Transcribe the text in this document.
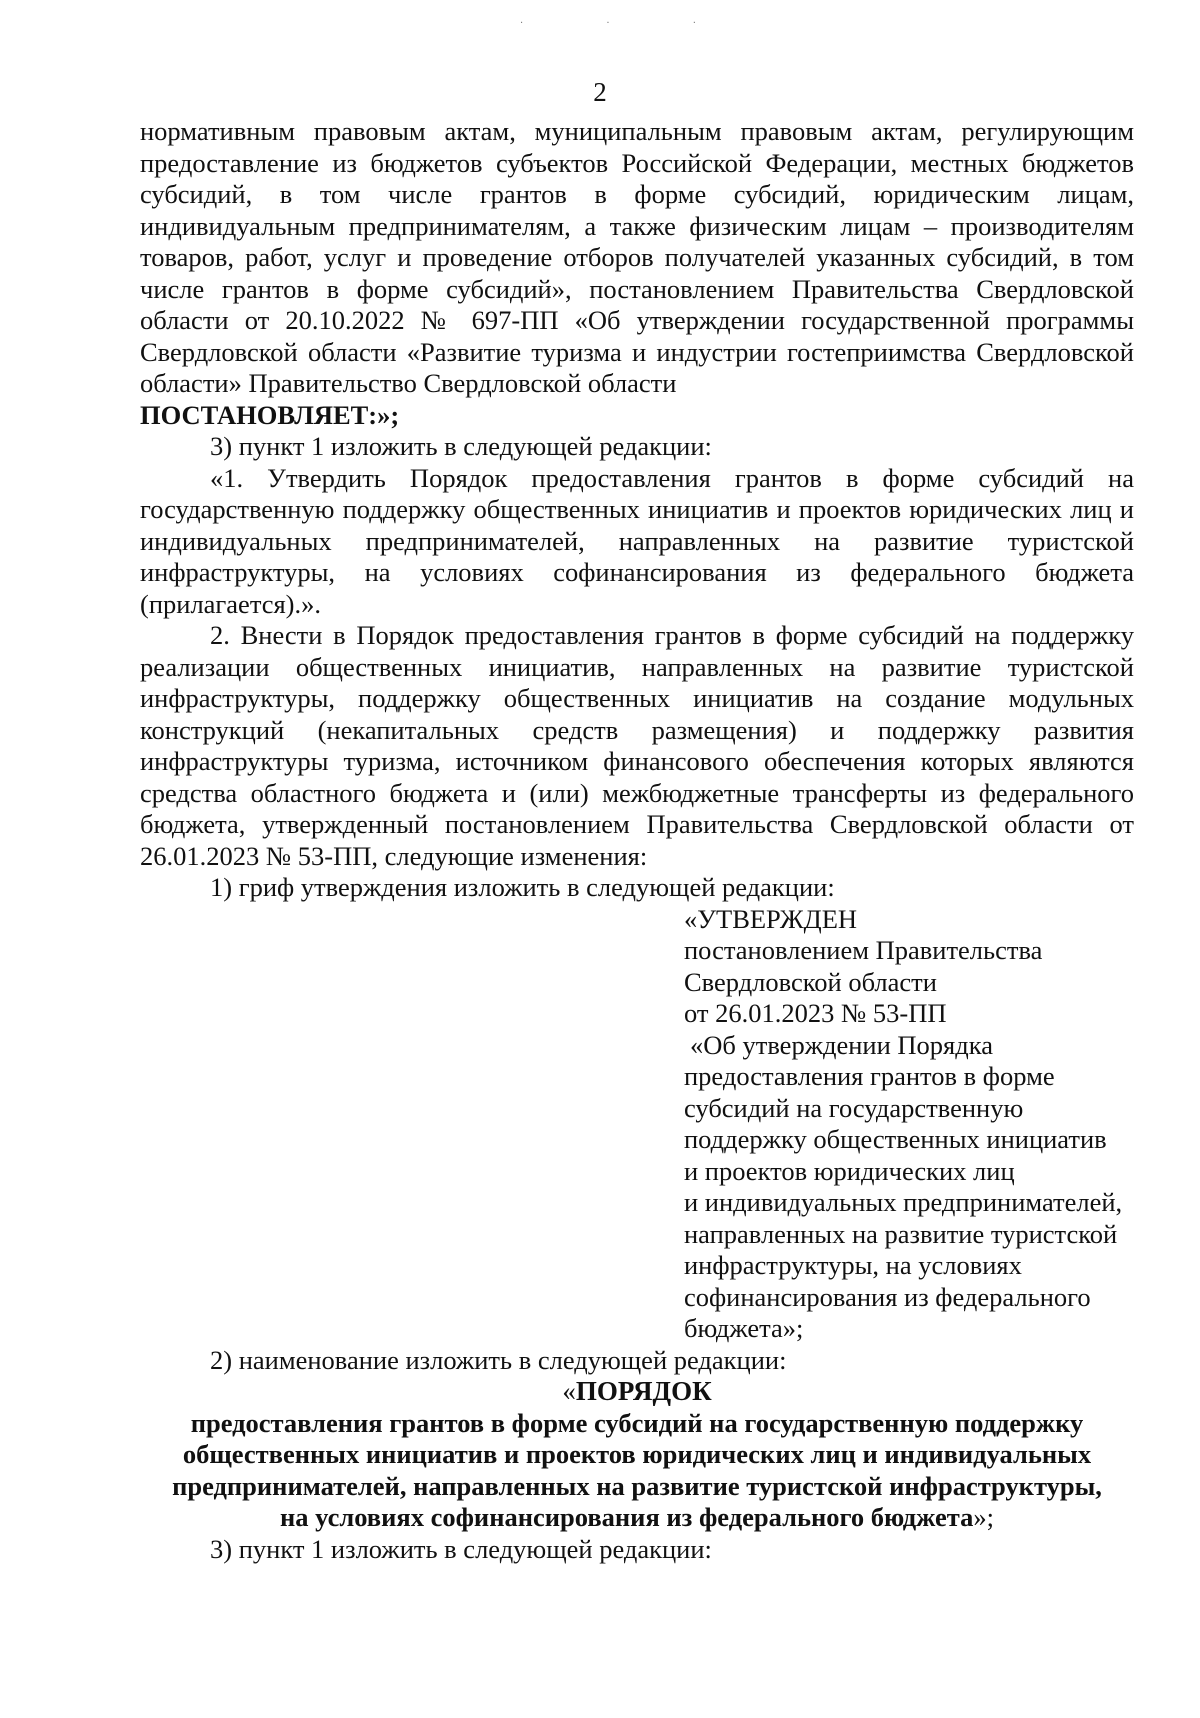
· · ·
2

нормативным правовым актам, муниципальным правовым актам, регулирующим предоставление из бюджетов субъектов Российской Федерации, местных бюджетов субсидий, в том числе грантов в форме субсидий, юридическим лицам, индивидуальным предпринимателям, а также физическим лицам – производителям товаров, работ, услуг и проведение отборов получателей указанных субсидий, в том числе грантов в форме субсидий», постановлением Правительства Свердловской области от 20.10.2022 № 697-ПП «Об утверждении государственной программы Свердловской области «Развитие туризма и индустрии гостеприимства Свердловской области» Правительство Свердловской области

ПОСТАНОВЛЯЕТ:»;

3) пункт 1 изложить в следующей редакции:

«1. Утвердить Порядок предоставления грантов в форме субсидий на государственную поддержку общественных инициатив и проектов юридических лиц и индивидуальных предпринимателей, направленных на развитие туристской инфраструктуры, на условиях софинансирования из федерального бюджета (прилагается).».

2. Внести в Порядок предоставления грантов в форме субсидий на поддержку реализации общественных инициатив, направленных на развитие туристской инфраструктуры, поддержку общественных инициатив на создание модульных конструкций (некапитальных средств размещения) и поддержку развития инфраструктуры туризма, источником финансового обеспечения которых являются средства областного бюджета и (или) межбюджетные трансферты из федерального бюджета, утвержденный постановлением Правительства Свердловской области от 26.01.2023 № 53-ПП, следующие изменения:

1) гриф утверждения изложить в следующей редакции:

«УТВЕРЖДЕН
постановлением Правительства
Свердловской области
от 26.01.2023 № 53-ПП
«Об утверждении Порядка
предоставления грантов в форме
субсидий на государственную
поддержку общественных инициатив
и проектов юридических лиц
и индивидуальных предпринимателей,
направленных на развитие туристской
инфраструктуры, на условиях
софинансирования из федерального
бюджета»;

2) наименование изложить в следующей редакции:

«ПОРЯДОК
предоставления грантов в форме субсидий на государственную поддержку
общественных инициатив и проектов юридических лиц и индивидуальных
предпринимателей, направленных на развитие туристской инфраструктуры,
на условиях софинансирования из федерального бюджета»;

3) пункт 1 изложить в следующей редакции:
